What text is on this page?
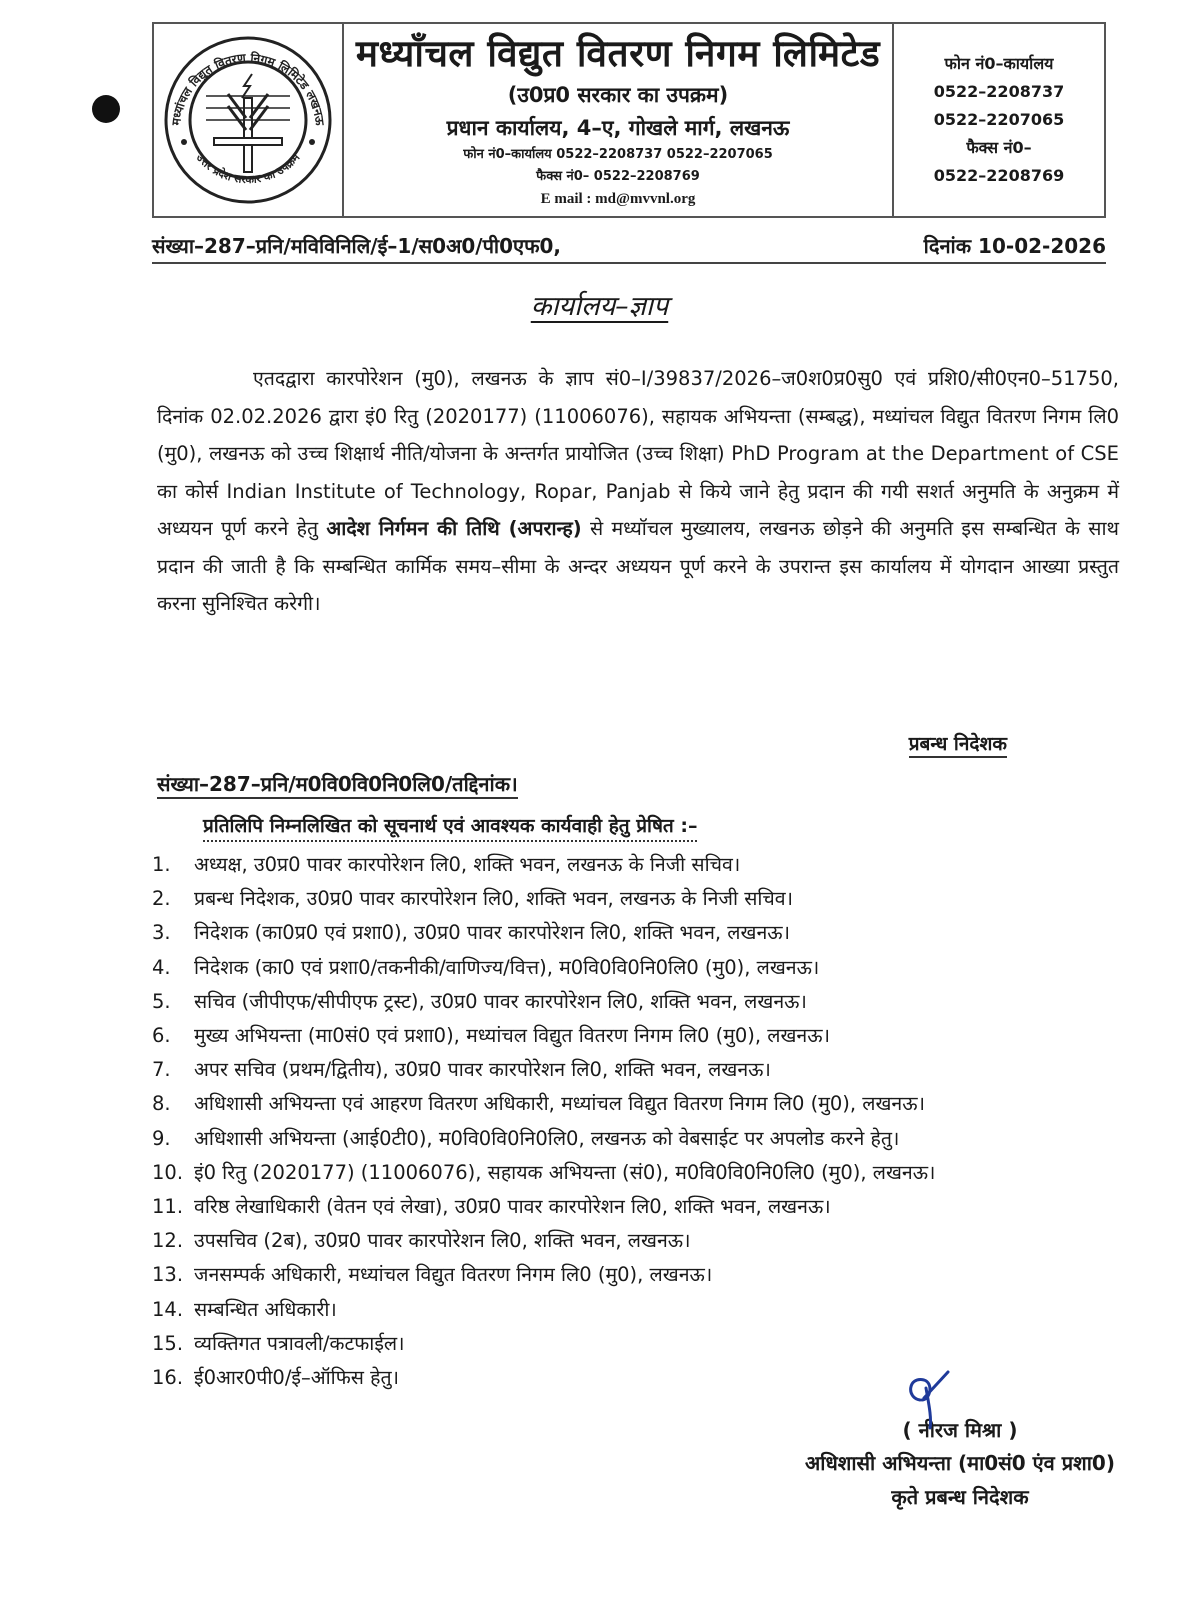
मध्यांचल विद्युत वितरण निगम लिमिटेड लखनऊ
उत्तर प्रदेश सरकार का उपक्रम
मध्याँचल विद्युत वितरण निगम लिमिटेड
(उ0प्र0 सरकार का उपक्रम)
प्रधान कार्यालय, 4–ए, गोखले मार्ग, लखनऊ
फोन नं0–कार्यालय 0522–2208737 0522–2207065
फैक्स नं0– 0522–2208769
E mail : md@mvvnl.org
फोन नं0–कार्यालय
0522–2208737
0522–2207065
फैक्स नं0–
0522–2208769
संख्या–287–प्रनि/मविविनिलि/ई–1/स0अ0/पी0एफ0,	दिनांक 10-02-2026
कार्यालय–ज्ञाप
एतदद्वारा कारपोरेशन (मु0), लखनऊ के ज्ञाप सं0–I/39837/2026–ज0श0प्र0सु0 एवं प्रशि0/सी0एन0–51750, दिनांक 02.02.2026 द्वारा इं0 रितु (2020177) (11006076), सहायक अभियन्ता (सम्बद्ध), मध्यांचल विद्युत वितरण निगम लि0 (मु0), लखनऊ को उच्च शिक्षार्थ नीति/योजना के अन्तर्गत प्रायोजित (उच्च शिक्षा) PhD Program at the Department of CSE का कोर्स Indian Institute of Technology, Ropar, Panjab से किये जाने हेतु प्रदान की गयी सशर्त अनुमति के अनुक्रम में अध्ययन पूर्ण करने हेतु आदेश निर्गमन की तिथि (अपरान्ह) से मध्यॉचल मुख्यालय, लखनऊ छोड़ने की अनुमति इस सम्बन्धित के साथ प्रदान की जाती है कि सम्बन्धित कार्मिक समय–सीमा के अन्दर अध्ययन पूर्ण करने के उपरान्त इस कार्यालय में योगदान आख्या प्रस्तुत करना सुनिश्चित करेगी।
प्रबन्ध निदेशक
संख्या–287–प्रनि/म0वि0वि0नि0लि0/तद्दिनांक।
प्रतिलिपि निम्नलिखित को सूचनार्थ एवं आवश्यक कार्यवाही हेतु प्रेषित :–
1.	अध्यक्ष, उ0प्र0 पावर कारपोरेशन लि0, शक्ति भवन, लखनऊ के निजी सचिव।
2.	प्रबन्ध निदेशक, उ0प्र0 पावर कारपोरेशन लि0, शक्ति भवन, लखनऊ के निजी सचिव।
3.	निदेशक (का0प्र0 एवं प्रशा0), उ0प्र0 पावर कारपोरेशन लि0, शक्ति भवन, लखनऊ।
4.	निदेशक (का0 एवं प्रशा0/तकनीकी/वाणिज्य/वित्त), म0वि0वि0नि0लि0 (मु0), लखनऊ।
5.	सचिव (जीपीएफ/सीपीएफ ट्रस्ट), उ0प्र0 पावर कारपोरेशन लि0, शक्ति भवन, लखनऊ।
6.	मुख्य अभियन्ता (मा0सं0 एवं प्रशा0), मध्यांचल विद्युत वितरण निगम लि0 (मु0), लखनऊ।
7.	अपर सचिव (प्रथम/द्वितीय), उ0प्र0 पावर कारपोरेशन लि0, शक्ति भवन, लखनऊ।
8.	अधिशासी अभियन्ता एवं आहरण वितरण अधिकारी, मध्यांचल विद्युत वितरण निगम लि0 (मु0), लखनऊ।
9.	अधिशासी अभियन्ता (आई0टी0), म0वि0वि0नि0लि0, लखनऊ को वेबसाईट पर अपलोड करने हेतु।
10. इं0 रितु (2020177) (11006076), सहायक अभियन्ता (सं0), म0वि0वि0नि0लि0 (मु0), लखनऊ।
11. वरिष्ठ लेखाधिकारी (वेतन एवं लेखा), उ0प्र0 पावर कारपोरेशन लि0, शक्ति भवन, लखनऊ।
12. उपसचिव (2ब), उ0प्र0 पावर कारपोरेशन लि0, शक्ति भवन, लखनऊ।
13. जनसम्पर्क अधिकारी, मध्यांचल विद्युत वितरण निगम लि0 (मु0), लखनऊ।
14. सम्बन्धित अधिकारी।
15. व्यक्तिगत पत्रावली/कटफाईल।
16. ई0आर0पी0/ई–ऑफिस हेतु।
( नीरज मिश्रा )
अधिशासी अभियन्ता (मा0सं0 एंव प्रशा0)
कृते प्रबन्ध निदेशक
